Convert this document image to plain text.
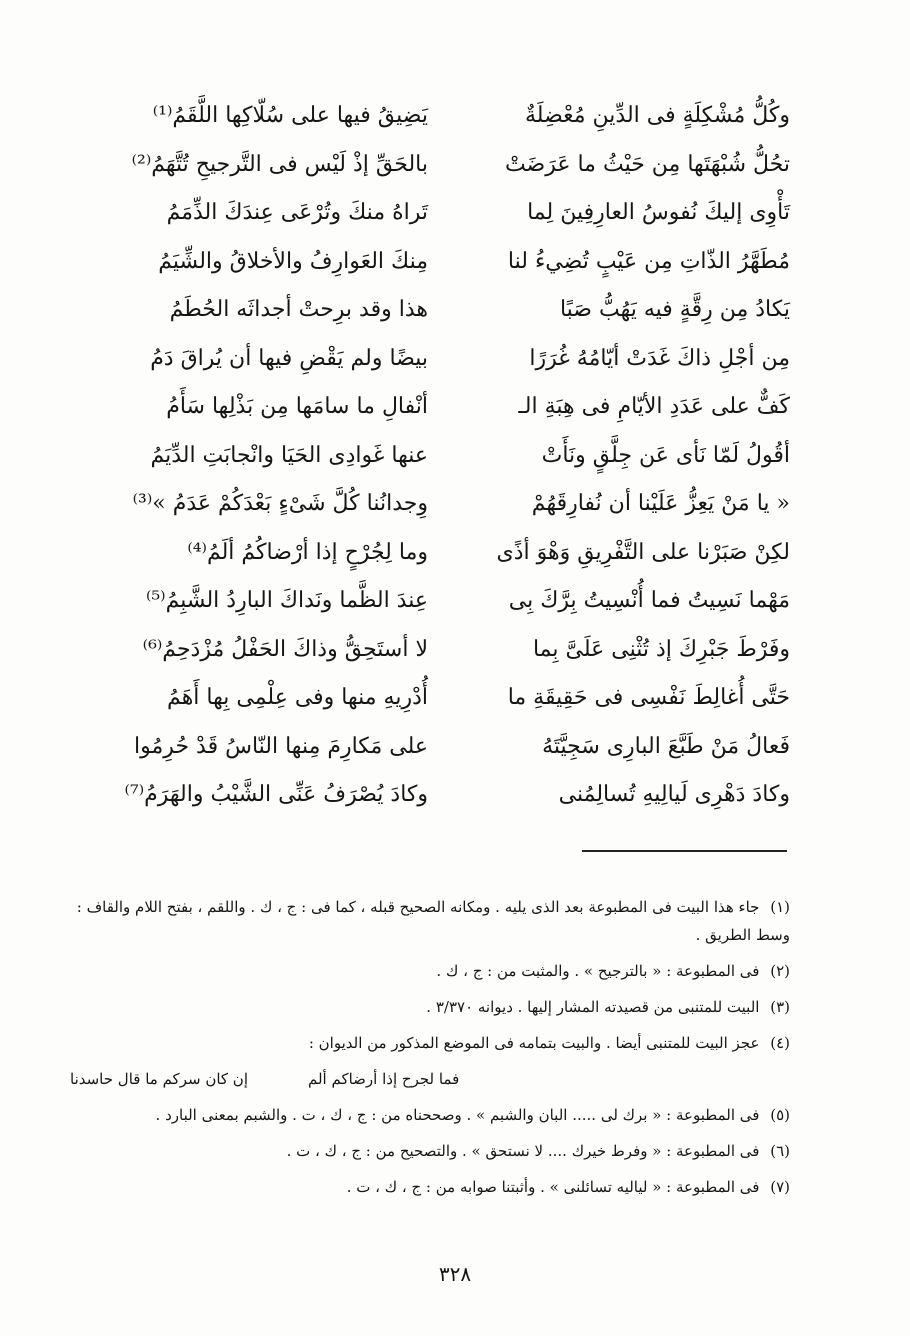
وكُلُّ مُشْكِلَةٍ فى الدِّينِ مُعْضِلَةٌ
يَضِيقُ فيها على سُلّاكِها اللَّقَمُ⁽¹⁾
تحُلُّ شُبْهَتَها مِن حَيْثُ ما عَرَضَتْ
بالحَقِّ إذْ لَيْس فى التَّرجيحِ تُتَّهَمُ⁽²⁾
تَأْوِى إليكَ نُفوسُ العارِفِينَ لِما
تَراهُ منكَ وتُرْعَى عِندَكَ الذِّمَمُ
مُطَهَّرُ الذّاتِ مِن عَيْبٍ تُضِيءُ لنا
مِنكَ العَوارِفُ والأخلاقُ والشِّيَمُ
يَكادُ مِن رِقَّةٍ فيه يَهُبُّ صَبًا
هذا وقد برِحتْ أجداثَه الحُطَمُ
مِن أجْلِ ذاكَ غَدَتْ أيّامُهُ غُرَرًا
بيضًا ولم يَقْضِ فيها أن يُراقَ دَمُ
كَفٌّ على عَدَدِ الأيّامِ فى هِبَةِ الـ
أنْفالِ ما سامَها مِن بَذْلِها سَأَمُ
أقُولُ لَمّا نَأى عَن جِلَّقٍ ونَأَتْ
عنها غَوادِى الحَيَا وانْجابَتِ الدِّيَمُ
« يا مَنْ يَعِزُّ عَلَيْنا أن نُفارِقَهُمْ
وِجدانُنا كُلَّ شَىْءٍ بَعْدَكُمْ عَدَمُ »⁽³⁾
لكِنْ صَبَرْنا على التَّفْرِيقِ وَهْوَ أذًى
وما لِجُرْحٍ إذا أرْضاكُمُ ألَمُ⁽⁴⁾
مَهْما نَسِيتُ فما أُنْسِيتُ بِرَّكَ بِى
عِندَ الظَّما ونَداكَ البارِدُ الشَّبِمُ⁽⁵⁾
وفَرْطَ جَبْرِكَ إذ تُثْنِى عَلَىَّ بِما
لا أستَحِقُّ وذاكَ الحَفْلُ مُزْدَحِمُ⁽⁶⁾
حَتَّى أُغالِطَ نَفْسِى فى حَقِيقَةِ ما
أُدْرِيهِ منها وفى عِلْمِى بِها أَهَمُ
فَعالُ مَنْ طَبَّعَ البارِى سَجِيَّتَهُ
على مَكارِمَ مِنها النّاسُ قَدْ حُرِمُوا
وكادَ دَهْرِى لَيالِيهِ تُسالِمُنى
وكادَ يُصْرَفُ عَنِّى الشَّيْبُ والهَرَمُ⁽⁷⁾
(١) جاء هذا البيت فى المطبوعة بعد الذى يليه . ومكانه الصحيح قبله ، كما فى : ج ، ك . واللقم ، بفتح اللام والقاف : وسط الطريق .
(٢) فى المطبوعة : « بالترجيح » . والمثبت من : ج ، ك .
(٣) البيت للمتنبى من قصيدته المشار إليها . ديوانه ٣/٣٧٠ .
(٤) عجز البيت للمتنبى أيضا . والبيت بتمامه فى الموضع المذكور من الديوان :
إن كان سركم ما قال حاسدنا	فما لجرح إذا أرضاكم ألم
(٥) فى المطبوعة : « برك لى ..... البان والشبم » . وصححناه من : ج ، ك ، ت . والشبم بمعنى البارد .
(٦) فى المطبوعة : « وفرط خيرك .... لا نستحق » . والتصحيح من : ج ، ك ، ت .
(٧) فى المطبوعة : « لياليه تسائلنى » . وأثبتنا صوابه من : ج ، ك ، ت .
٣٢٨
